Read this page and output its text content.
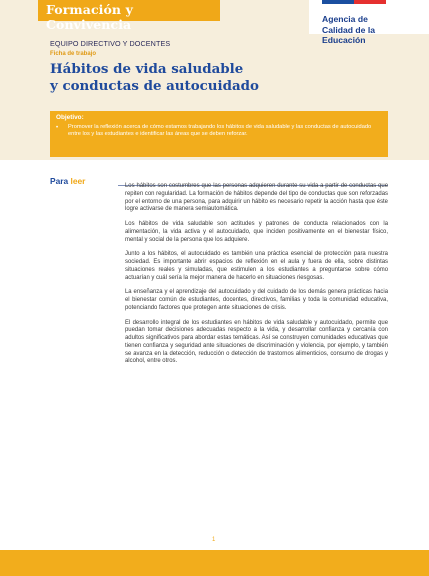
Formación y Convivencia	Agencia de
Calidad de la
Educación
EQUIPO DIRECTIVO Y DOCENTES
Ficha de trabajo
Hábitos de vida saludable
y conductas de autocuidado
Objetivo:
• Promover la reflexión acerca de cómo estamos trabajando los hábitos de vida saludable y las conductas de autocuidado entre los y las estudiantes e identificar las áreas que se deben reforzar.
Para leer	Los hábitos son costumbres que las personas adquieren durante su vida a partir de conductas que repiten con regularidad. La formación de hábitos depende del tipo de conductas que son reforzadas por el entorno de una persona, para adquirir un hábito es necesario repetir la acción hasta que éste logre activarse de manera semiautomática.

Los hábitos de vida saludable son actitudes y patrones de conducta relacionados con la alimentación, la vida activa y el autocuidado, que inciden positivamente en el bienestar físico, mental y social de la persona que los adquiere.

Junto a los hábitos, el autocuidado es también una práctica esencial de protección para nuestra sociedad. Es importante abrir espacios de reflexión en el aula y fuera de ella, sobre distintas situaciones reales y simuladas, que estimulen a los estudiantes a preguntarse sobre cómo actuarían y cuál sería la mejor manera de hacerlo en situaciones riesgosas.

La enseñanza y el aprendizaje del autocuidado y del cuidado de los demás genera prácticas hacia el bienestar común de estudiantes, docentes, directivos, familias y toda la comunidad educativa, potenciando factores que protegen ante situaciones de crisis.

El desarrollo integral de los estudiantes en hábitos de vida saludable y autocuidado, permite que puedan tomar decisiones adecuadas respecto a la vida, y desarrollar confianza y cercanía con adultos significativos para abordar estas temáticas. Así se construyen comunidades educativas que tienen confianza y seguridad ante situaciones de discriminación y violencia, por ejemplo, y también se avanza en la detección, reducción o detección de trastornos alimenticios, consumo de drogas y alcohol, entre otros.

1
